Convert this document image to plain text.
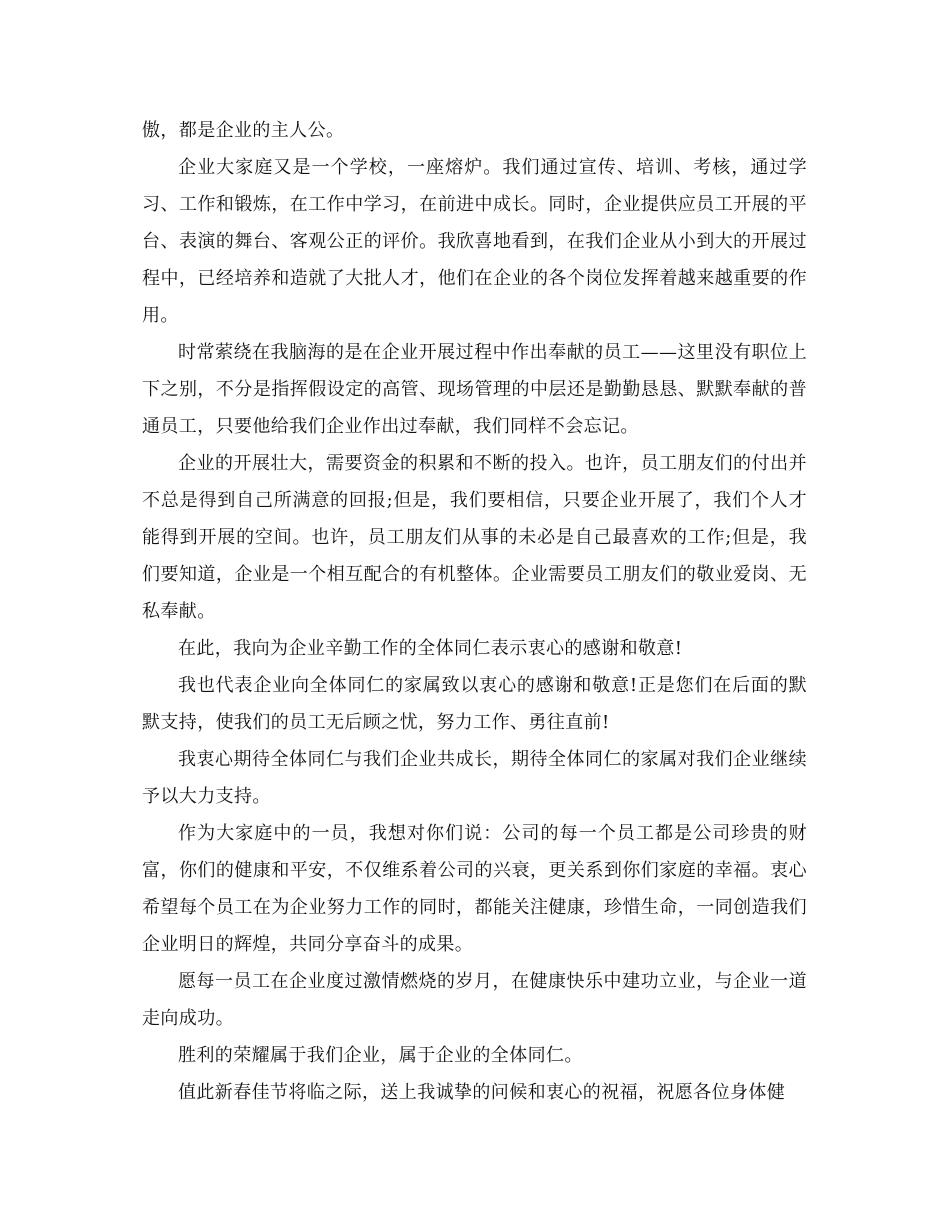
傲，都是企业的主人公。

企业大家庭又是一个学校，一座熔炉。我们通过宣传、培训、考核，通过学习、工作和锻炼，在工作中学习，在前进中成长。同时，企业提供应员工开展的平台、表演的舞台、客观公正的评价。我欣喜地看到，在我们企业从小到大的开展过程中，已经培养和造就了大批人才，他们在企业的各个岗位发挥着越来越重要的作用。

时常萦绕在我脑海的是在企业开展过程中作出奉献的员工——这里没有职位上下之别，不分是指挥假设定的高管、现场管理的中层还是勤勤恳恳、默默奉献的普通员工，只要他给我们企业作出过奉献，我们同样不会忘记。

企业的开展壮大，需要资金的积累和不断的投入。也许，员工朋友们的付出并不总是得到自己所满意的回报;但是，我们要相信，只要企业开展了，我们个人才能得到开展的空间。也许，员工朋友们从事的未必是自己最喜欢的工作;但是，我们要知道，企业是一个相互配合的有机整体。企业需要员工朋友们的敬业爱岗、无私奉献。

在此，我向为企业辛勤工作的全体同仁表示衷心的感谢和敬意!

我也代表企业向全体同仁的家属致以衷心的感谢和敬意!正是您们在后面的默默支持，使我们的员工无后顾之忧，努力工作、勇往直前!

我衷心期待全体同仁与我们企业共成长，期待全体同仁的家属对我们企业继续予以大力支持。

作为大家庭中的一员，我想对你们说：公司的每一个员工都是公司珍贵的财富，你们的健康和平安，不仅维系着公司的兴衰，更关系到你们家庭的幸福。衷心希望每个员工在为企业努力工作的同时，都能关注健康，珍惜生命，一同创造我们企业明日的辉煌，共同分享奋斗的成果。

愿每一员工在企业度过激情燃烧的岁月，在健康快乐中建功立业，与企业一道走向成功。

胜利的荣耀属于我们企业，属于企业的全体同仁。

值此新春佳节将临之际，送上我诚挚的问候和衷心的祝福，祝愿各位身体健
